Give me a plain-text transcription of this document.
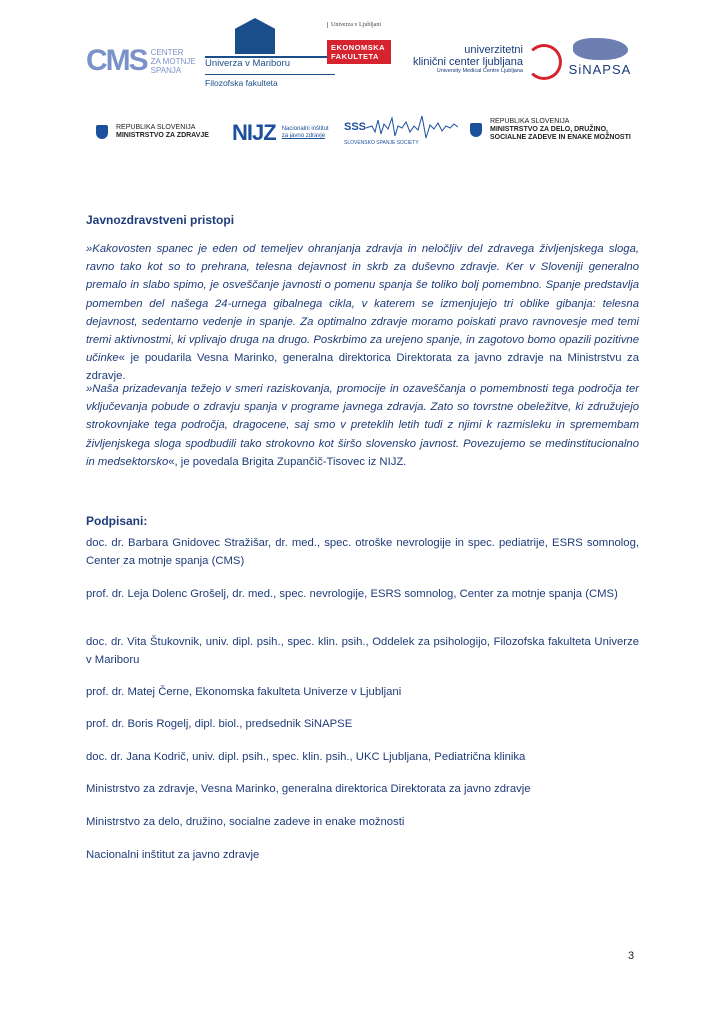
CMS CENTER
ZA MOTNJE
SPANJA
Univerza v Mariboru
Filozofska fakulteta
Univerza v Ljubljani
EKONOMSKA
FAKULTETA
univerzitetni
klinični center ljubljana
University Medical Centre Ljubljana	SiNAPSA

REPUBLIKA SLOVENIJA
MINISTRSTVO ZA ZDRAVJE NIJZ Nacionalni inštitut
za javno zdravje
SSS
SLOVENSKO SPANJE SOCIETY
REPUBLIKA SLOVENIJA
MINISTRSTVO ZA DELO, DRUŽINO,
SOCIALNE ZADEVE IN ENAKE MOŽNOSTI
Javnozdravstveni pristopi
»Kakovosten spanec je eden od temeljev ohranjanja zdravja in neločljiv del zdravega življenjskega sloga, ravno tako kot so to prehrana, telesna dejavnost in skrb za duševno zdravje. Ker v Sloveniji generalno premalo in slabo spimo, je osveščanje javnosti o pomenu spanja še toliko bolj pomembno. Spanje predstavlja pomemben del našega 24-urnega gibalnega cikla, v katerem se izmenjujejo tri oblike gibanja: telesna dejavnost, sedentarno vedenje in spanje. Za optimalno zdravje moramo poiskati pravo ravnovesje med temi tremi aktivnostmi, ki vplivajo druga na drugo. Poskrbimo za urejeno spanje, in zagotovo bomo opazili pozitivne učinke« je poudarila Vesna Marinko, generalna direktorica Direktorata za javno zdravje na Ministrstvu za zdravje.
»Naša prizadevanja težejo v smeri raziskovanja, promocije in ozaveščanja o pomembnosti tega področja ter vključevanja pobude o zdravju spanja v programe javnega zdravja. Zato so tovrstne obeležitve, ki združujejo strokovnjake tega področja, dragocene, saj smo v preteklih letih tudi z njimi k razmisleku in spremembam življenjskega sloga spodbudili tako strokovno kot širšo slovensko javnost. Povezujemo se medinstitucionalno in medsektorsko«, je povedala Brigita Zupančič-Tisovec iz NIJZ.
Podpisani:
doc. dr. Barbara Gnidovec Stražišar, dr. med., spec. otroške nevrologije in spec. pediatrije, ESRS somnolog, Center za motnje spanja (CMS)
prof. dr. Leja Dolenc Grošelj, dr. med., spec. nevrologije, ESRS somnolog, Center za motnje spanja (CMS)
doc. dr. Vita Štukovnik, univ. dipl. psih., spec. klin. psih., Oddelek za psihologijo, Filozofska fakulteta Univerze v Mariboru
prof. dr. Matej Černe, Ekonomska fakulteta Univerze v Ljubljani
prof. dr. Boris Rogelj, dipl. biol., predsednik SiNAPSE
doc. dr. Jana Kodrič, univ. dipl. psih., spec. klin. psih., UKC Ljubljana, Pediatrična klinika
Ministrstvo za zdravje, Vesna Marinko, generalna direktorica Direktorata za javno zdravje
Ministrstvo za delo, družino, socialne zadeve in enake možnosti
Nacionalni inštitut za javno zdravje
3
